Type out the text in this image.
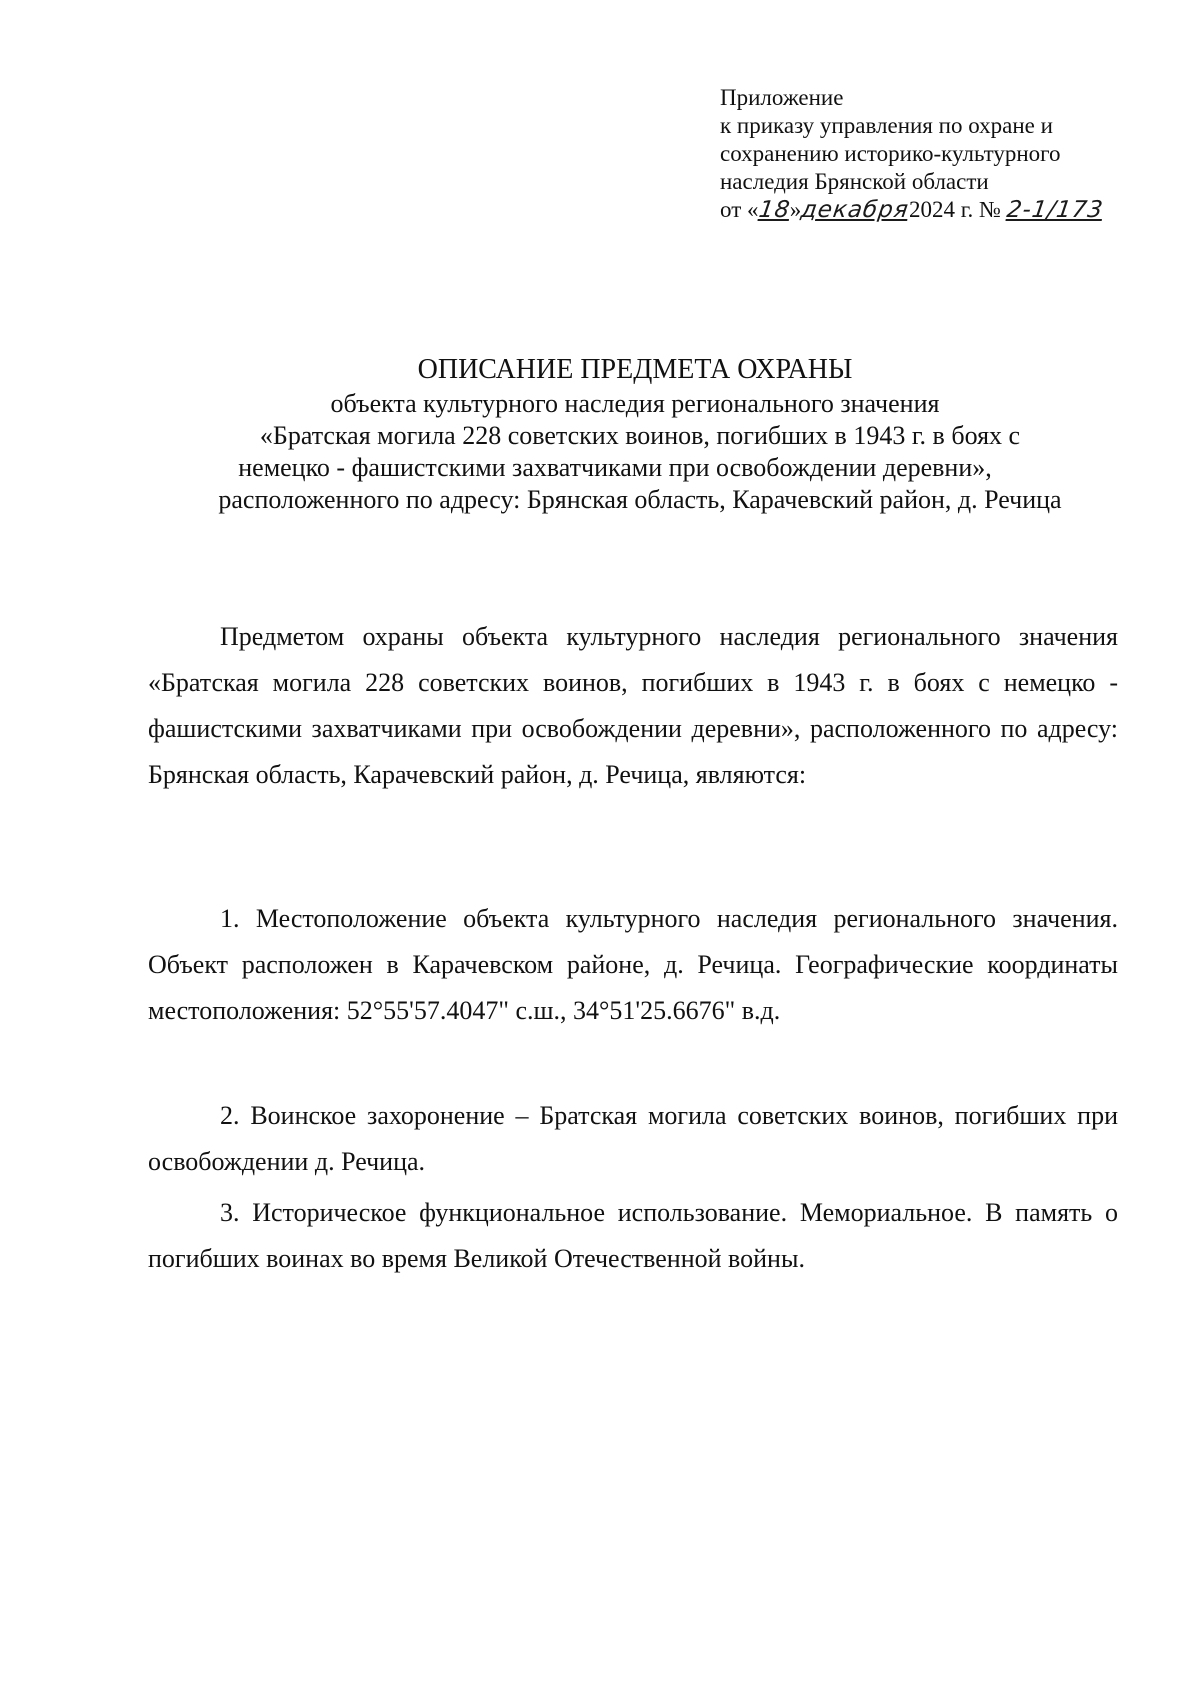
Приложение
к приказу управления по охране и
сохранению историко-культурного
наследия Брянской области
от «18»декабря2024 г. № 2-1/173
ОПИСАНИЕ ПРЕДМЕТА ОХРАНЫ
объекта культурного наследия регионального значения
«Братская могила 228 советских воинов, погибших в 1943 г. в боях с
немецко - фашистскими захватчиками при освобождении деревни»,
расположенного по адресу: Брянская область, Карачевский район, д. Речица

Предметом охраны объекта культурного наследия регионального значения «Братская могила 228 советских воинов, погибших в 1943 г. в боях с немецко - фашистскими захватчиками при освобождении деревни», расположенного по адресу: Брянская область, Карачевский район, д. Речица, являются:

1. Местоположение объекта культурного наследия регионального значения. Объект расположен в Карачевском районе, д. Речица. Географические координаты местоположения: 52°55'57.4047" с.ш., 34°51'25.6676" в.д.

2. Воинское захоронение – Братская могила советских воинов, погибших при освобождении д. Речица.

3. Историческое функциональное использование. Мемориальное. В память о погибших воинах во время Великой Отечественной войны.
